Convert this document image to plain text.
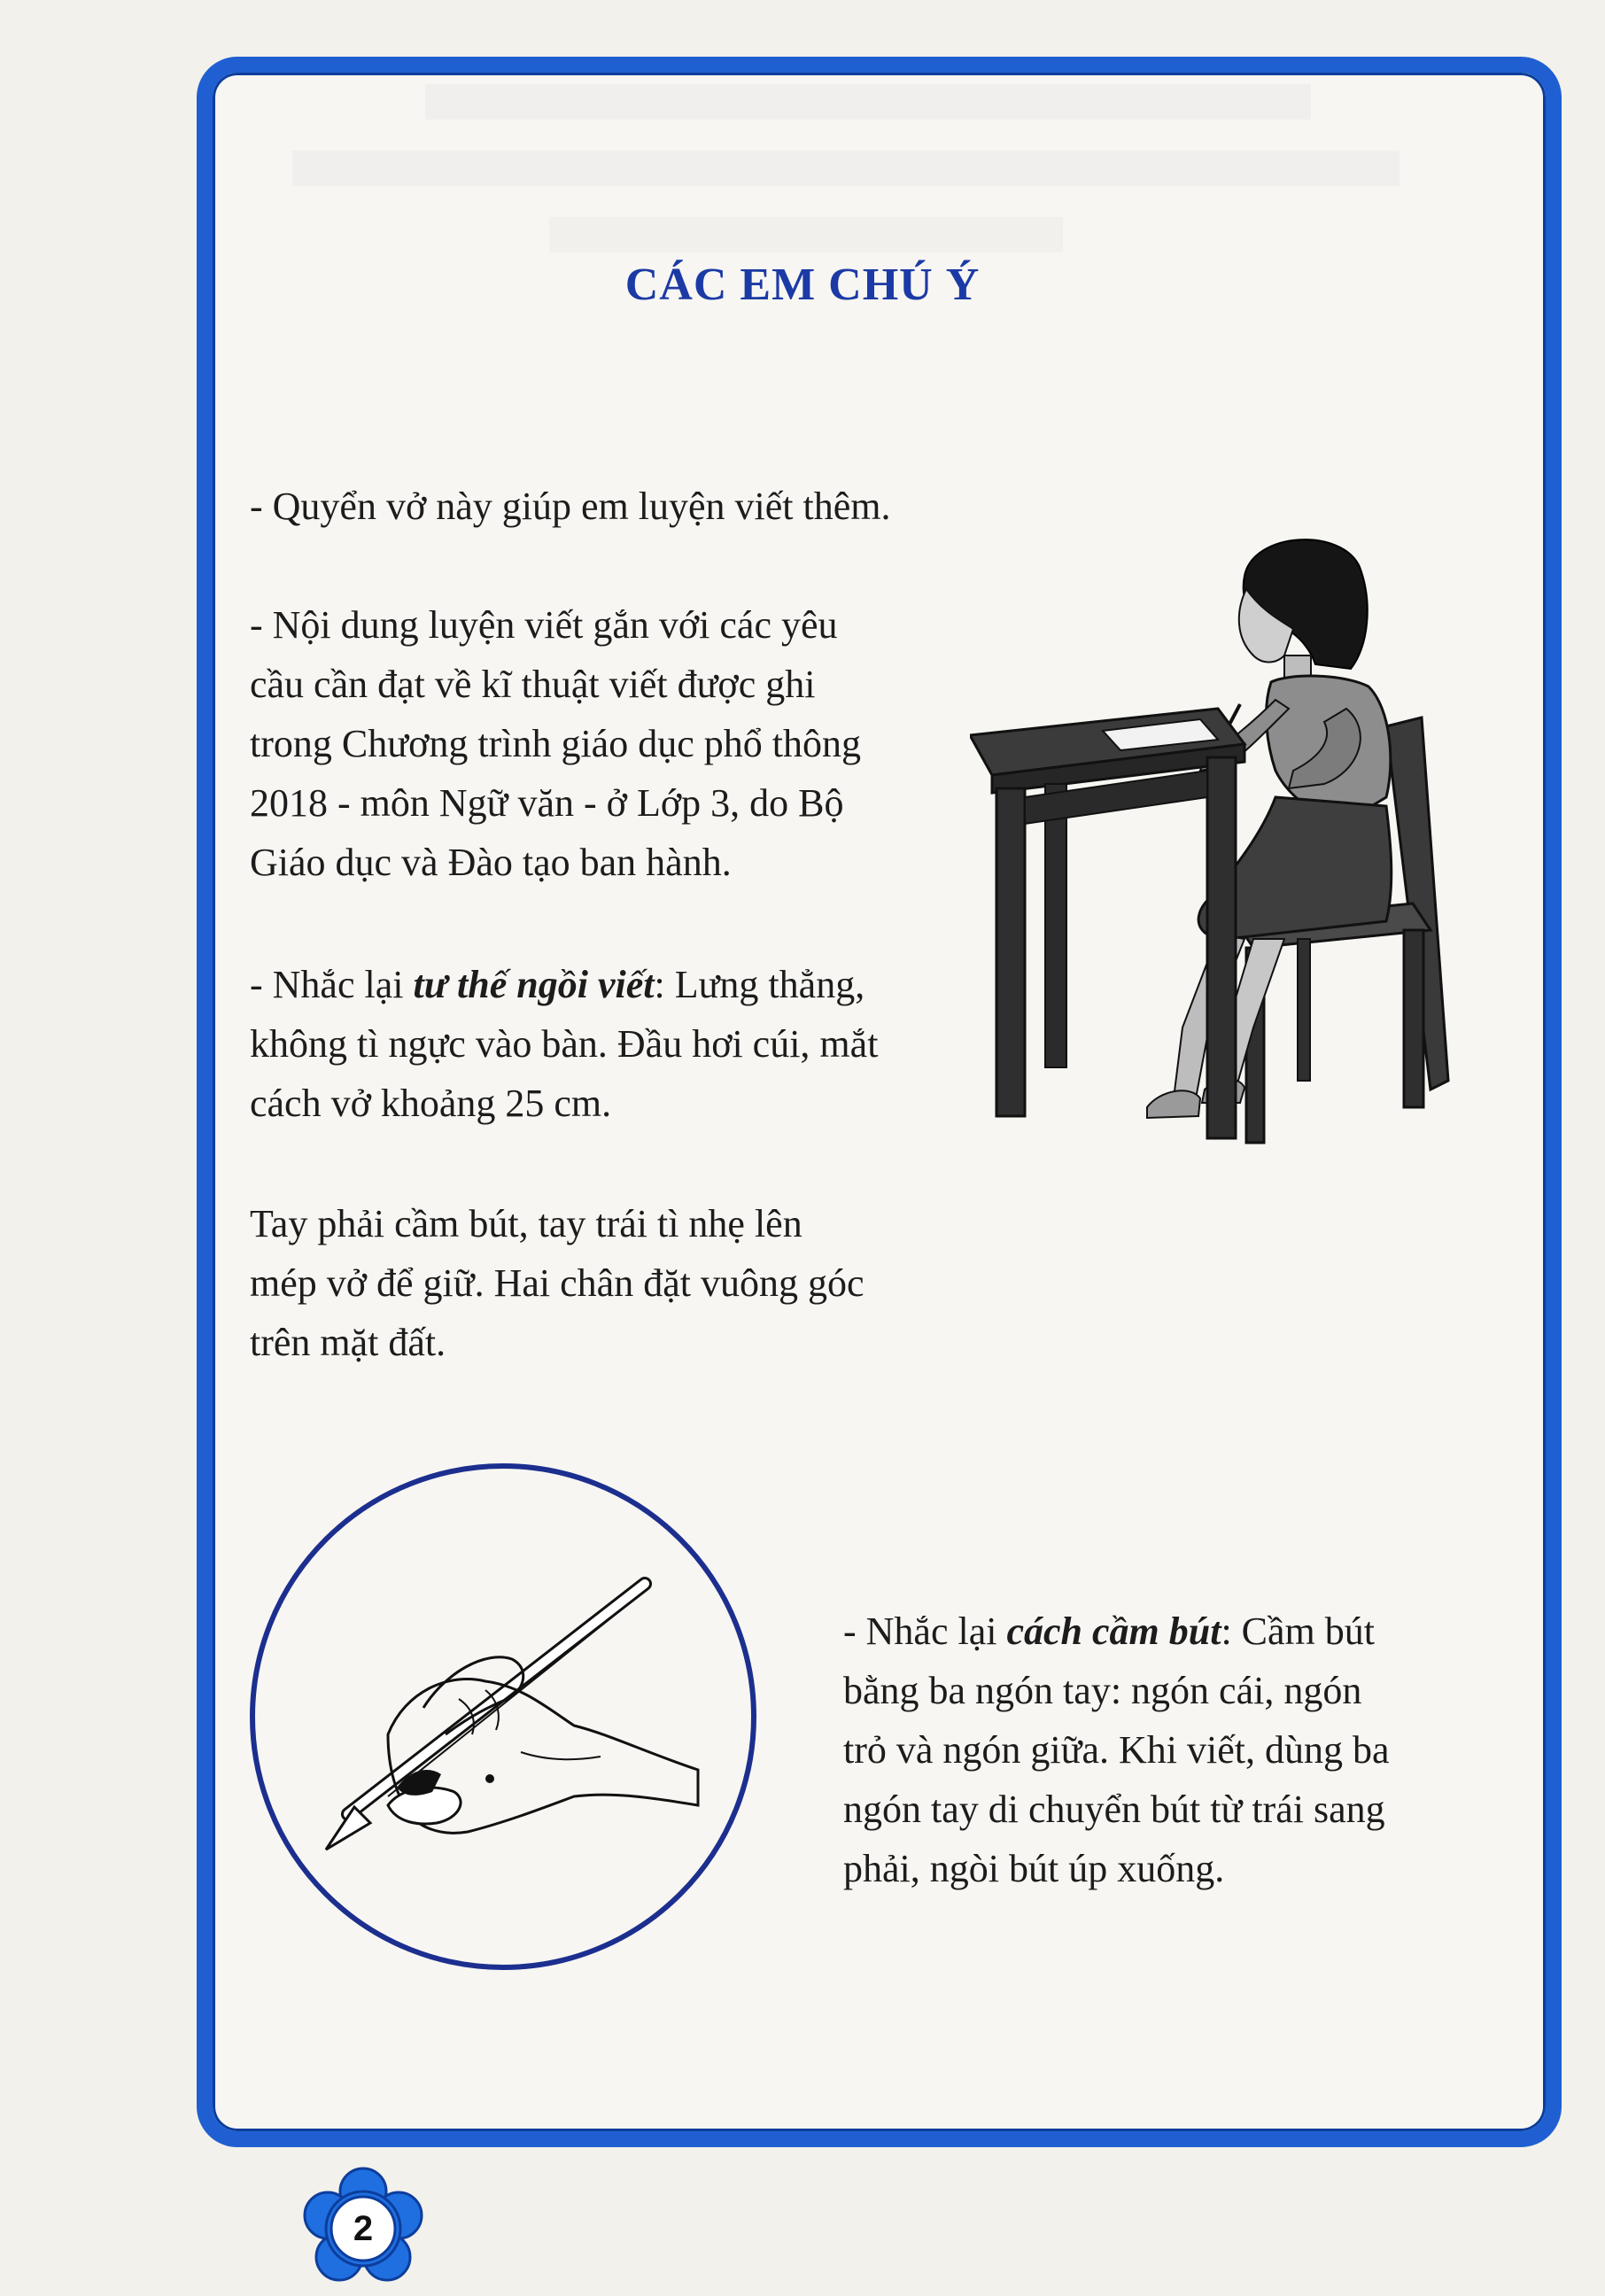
CÁC EM CHÚ Ý

- Quyển vở này giúp em luyện viết thêm.

- Nội dung luyện viết gắn với các yêu
cầu cần đạt về kĩ thuật viết được ghi
trong Chương trình giáo dục phổ thông
2018 - môn Ngữ văn - ở Lớp 3, do Bộ
Giáo dục và Đào tạo ban hành.
- Nhắc lại tư thế ngồi viết: Lưng thẳng,
không tì ngực vào bàn. Đầu hơi cúi, mắt
cách vở khoảng 25 cm.
Tay phải cầm bút, tay trái tì nhẹ lên
mép vở để giữ. Hai chân đặt vuông góc
trên mặt đất.
- Nhắc lại cách cầm bút: Cầm bút
bằng ba ngón tay: ngón cái, ngón
trỏ và ngón giữa. Khi viết, dùng ba
ngón tay di chuyển bút từ trái sang
phải, ngòi bút úp xuống.
2
